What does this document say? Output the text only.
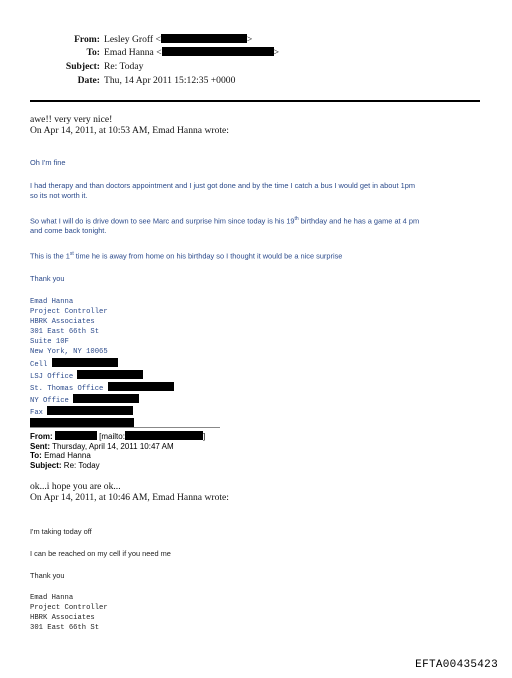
From: Lesley Groff <	>
To: Emad Hanna <	>
Subject: Re: Today
Date: Thu, 14 Apr 2011 15:12:35 +0000
awe!! very very nice!
On Apr 14, 2011, at 10:53 AM, Emad Hanna wrote:
Oh I'm fine
I had therapy and than doctors appointment and I just got done and by the time I catch a bus I would get in about 1pm
so its not worth it.
So what I will do is drive down to see Marc and surprise him since today is his 19th birthday and he has a game at 4 pm
and come back tonight.
This is the 1st time he is away from home on his birthday so I thought it would be a nice surprise
Thank you
Emad Hanna
Project Controller
HBRK Associates
301 East 66th St
Suite 10F
New York, NY 10065
Cell
LSJ Office
St. Thomas Office
NY Office
Fax
From:	[mailto:	]
Sent: Thursday, April 14, 2011 10:47 AM
To: Emad Hanna
Subject: Re: Today
ok...i hope you are ok...
On Apr 14, 2011, at 10:46 AM, Emad Hanna wrote:
I'm taking today off
I can be reached on my cell if you need me
Thank you
Emad Hanna
Project Controller
HBRK Associates
301 East 66th St
EFTA00435423
